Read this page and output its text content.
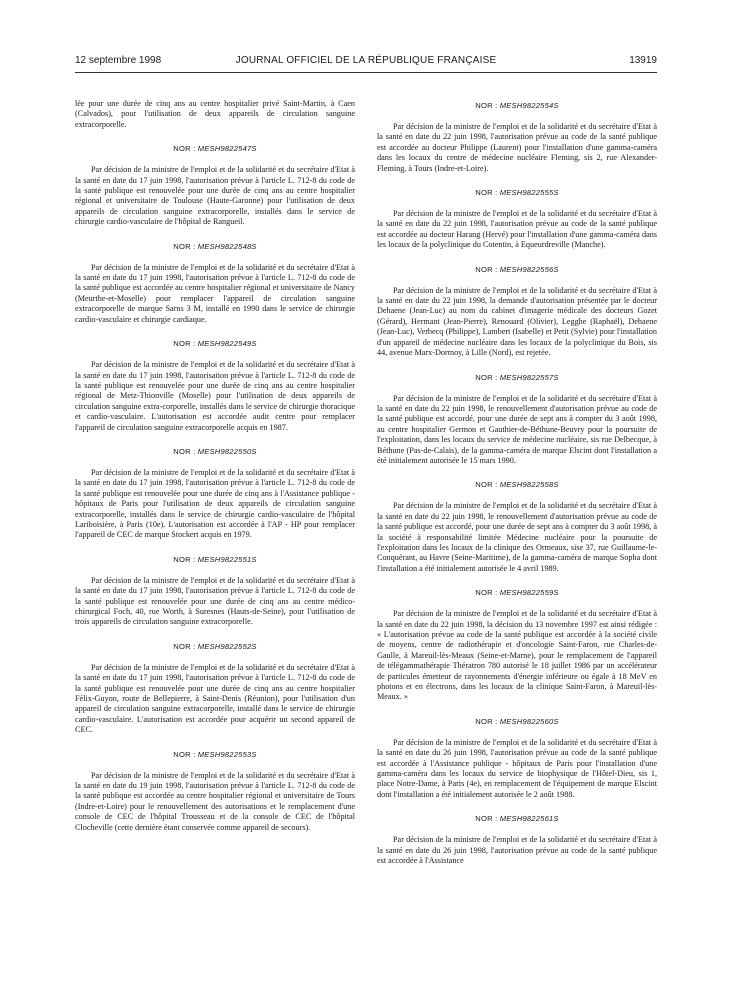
12 septembre 1998	JOURNAL OFFICIEL DE LA RÉPUBLIQUE FRANÇAISE	13919

lée pour une durée de cinq ans au centre hospitalier privé Saint-Martin, à Caen (Calvados), pour l'utilisation de deux appareils de circulation sanguine extracorporelle.

NOR : MESH9822547S

Par décision de la ministre de l'emploi et de la solidarité et du secrétaire d'Etat à la santé en date du 17 juin 1998, l'autorisation prévue à l'article L. 712-8 du code de la santé publique est renouvelée pour une durée de cinq ans au centre hospitalier régional et universitaire de Toulouse (Haute-Garonne) pour l'utilisation de deux appareils de circulation sanguine extracorporelle, installés dans le service de chirurgie cardio-vasculaire de l'hôpital de Rangueil.

NOR : MESH9822548S

Par décision de la ministre de l'emploi et de la solidarité et du secrétaire d'Etat à la santé en date du 17 juin 1998, l'autorisation prévue à l'article L. 712-8 du code de la santé publique est accordée au centre hospitalier régional et universitaire de Nancy (Meurthe-et-Moselle) pour remplacer l'appareil de circulation sanguine extracorporelle de marque Sarns 3 M, installé en 1990 dans le service de chirurgie cardio-vasculaire et chirurgie cardiaque.

NOR : MESH9822549S

Par décision de la ministre de l'emploi et de la solidarité et du secrétaire d'Etat à la santé en date du 17 juin 1998, l'autorisation prévue à l'article L. 712-8 du code de la santé publique est renouvelée pour une durée de cinq ans au centre hospitalier régional de Metz-Thionville (Moselle) pour l'utilisation de deux appareils de circulation sanguine extra-corporelle, installés dans le service de chirurgie thoracique et cardio-vasculaire. L'autorisation est accordée audit centre pour remplacer l'appareil de circulation sanguine extracorporelle acquis en 1987.

NOR : MESH9822550S

Par décision de la ministre de l'emploi et de la solidarité et du secrétaire d'Etat à la santé en date du 17 juin 1998, l'autorisation prévue à l'article L. 712-8 du code de la santé publique est renouvelée pour une durée de cinq ans à l'Assistance publique - hôpitaux de Paris pour l'utilisation de deux appareils de circulation sanguine extracorporelle, installés dans le service de chirurgie cardio-vasculaire de l'hôpital Lariboisière, à Paris (10e). L'autorisation est accordée à l'AP - HP pour remplacer l'appareil de CEC de marque Stockert acquis en 1979.

NOR : MESH9822551S

Par décision de la ministre de l'emploi et de la solidarité et du secrétaire d'Etat à la santé en date du 17 juin 1998, l'autorisation prévue à l'article L. 712-8 du code de la santé publique est renouvelée pour une durée de cinq ans au centre médico-chirurgical Foch, 40, rue Worth, à Suresnes (Hauts-de-Seine), pour l'utilisation de trois appareils de circulation sanguine extracorporelle.

NOR : MESH9822552S

Par décision de la ministre de l'emploi et de la solidarité et du secrétaire d'Etat à la santé en date du 17 juin 1998, l'autorisation prévue à l'article L. 712-8 du code de la santé publique est renouvelée pour une durée de cinq ans au centre hospitalier Félix-Guyon, route de Bellepierre, à Saint-Denis (Réunion), pour l'utilisation d'un appareil de circulation sanguine extracorporelle, installé dans le service de chirurgie cardio-vasculaire. L'autorisation est accordée pour acquérir un second appareil de CEC.

NOR : MESH9822553S

Par décision de la ministre de l'emploi et de la solidarité et du secrétaire d'Etat à la santé en date du 19 juin 1998, l'autorisation prévue à l'article L. 712-8 du code de la santé publique est accordée au centre hospitalier régional et universitaire de Tours (Indre-et-Loire) pour le renouvellement des autorisations et le remplacement d'une console de CEC de l'hôpital Trousseau et de la console de CEC de l'hôpital Clocheville (cette dernière étant conservée comme appareil de secours).

NOR : MESH9822554S

Par décision de la ministre de l'emploi et de la solidarité et du secrétaire d'Etat à la santé en date du 22 juin 1998, l'autorisation prévue au code de la santé publique est accordée au docteur Philippe (Laurent) pour l'installation d'une gamma-caméra dans les locaux du centre de médecine nucléaire Fleming, sis 2, rue Alexander-Fleming, à Tours (Indre-et-Loire).

NOR : MESH9822555S

Par décision de la ministre de l'emploi et de la solidarité et du secrétaire d'Etat à la santé en date du 22 juin 1998, l'autorisation prévue au code de la santé publique est accordée au docteur Harang (Hervé) pour l'installation d'une gamma-caméra dans les locaux de la polyclinique du Cotentin, à Equeurdreville (Manche).

NOR : MESH9822556S

Par décision de la ministre de l'emploi et de la solidarité et du secrétaire d'Etat à la santé en date du 22 juin 1998, la demande d'autorisation présentée par le docteur Dehaene (Jean-Luc) au nom du cabinet d'imagerie médicale des docteurs Gozet (Gérard), Hermant (Jean-Pierre), Renouard (Olivier), Legghe (Raphaël), Dehaene (Jean-Luc), Verbecq (Philippe), Lambert (Isabelle) et Petit (Sylvie) pour l'installation d'un appareil de médecine nucléaire dans les locaux de la polyclinique du Bois, sis 44, avenue Marx-Dormoy, à Lille (Nord), est rejetée.

NOR : MESH9822557S

Par décision de la ministre de l'emploi et de la solidarité et du secrétaire d'Etat à la santé en date du 22 juin 1998, le renouvellement d'autorisation prévue au code de la santé publique est accordé, pour une durée de sept ans à compter du 3 août 1998, au centre hospitalier Germon et Gauthier-de-Béthune-Beuvry pour la poursuite de l'exploitation, dans les locaux du service de médecine nucléaire, sis rue Delbecque, à Béthune (Pas-de-Calais), de la gamma-caméra de marque Elscint dont l'installation a été initialement autorisée le 15 mars 1990.

NOR : MESH9822558S

Par décision de la ministre de l'emploi et de la solidarité et du secrétaire d'Etat à la santé en date du 22 juin 1998, le renouvellement d'autorisation prévue au code de la santé publique est accordé, pour une durée de sept ans à compter du 3 août 1998, à la société à responsabilité limitée Médecine nucléaire pour la poursuite de l'exploitation dans les locaux de la clinique des Ormeaux, sise 37, rue Guillaume-le-Conquérant, au Havre (Seine-Maritime), de la gamma-caméra de marque Sopha dont l'installation a été initialement autorisée le 4 avril 1989.

NOR : MESH9822559S

Par décision de la ministre de l'emploi et de la solidarité et du secrétaire d'Etat à la santé en date du 22 juin 1998, la décision du 13 novembre 1997 est ainsi rédigée : « L'autorisation prévue au code de la santé publique est accordée à la société civile de moyens, centre de radiothérapie et d'oncologie Saint-Faron, rue Charles-de-Gaulle, à Mareuil-lès-Meaux (Seine-et-Marne), pour le remplacement de l'appareil de télégammathérapie Thératron 780 autorisé le 18 juillet 1986 par un accélérateur de particules émetteur de rayonnements d'énergie inférieure ou égale à 18 MeV en photons et en électrons, dans les locaux de la clinique Saint-Faron, à Mareuil-lès-Meaux. »

NOR : MESH9822560S

Par décision de la ministre de l'emploi et de la solidarité et du secrétaire d'Etat à la santé en date du 26 juin 1998, l'autorisation prévue au code de la santé publique est accordée à l'Assistance publique - hôpitaux de Paris pour l'installation d'une gamma-caméra dans les locaux du service de biophysique de l'Hôtel-Dieu, sis 1, place Notre-Dame, à Paris (4e), en remplacement de l'équipement de marque Elscint dont l'installation a été initialement autorisée le 2 août 1988.

NOR : MESH9822561S

Par décision de la ministre de l'emploi et de la solidarité et du secrétaire d'Etat à la santé en date du 26 juin 1998, l'autorisation prévue au code de la santé publique est accordée à l'Assistance
